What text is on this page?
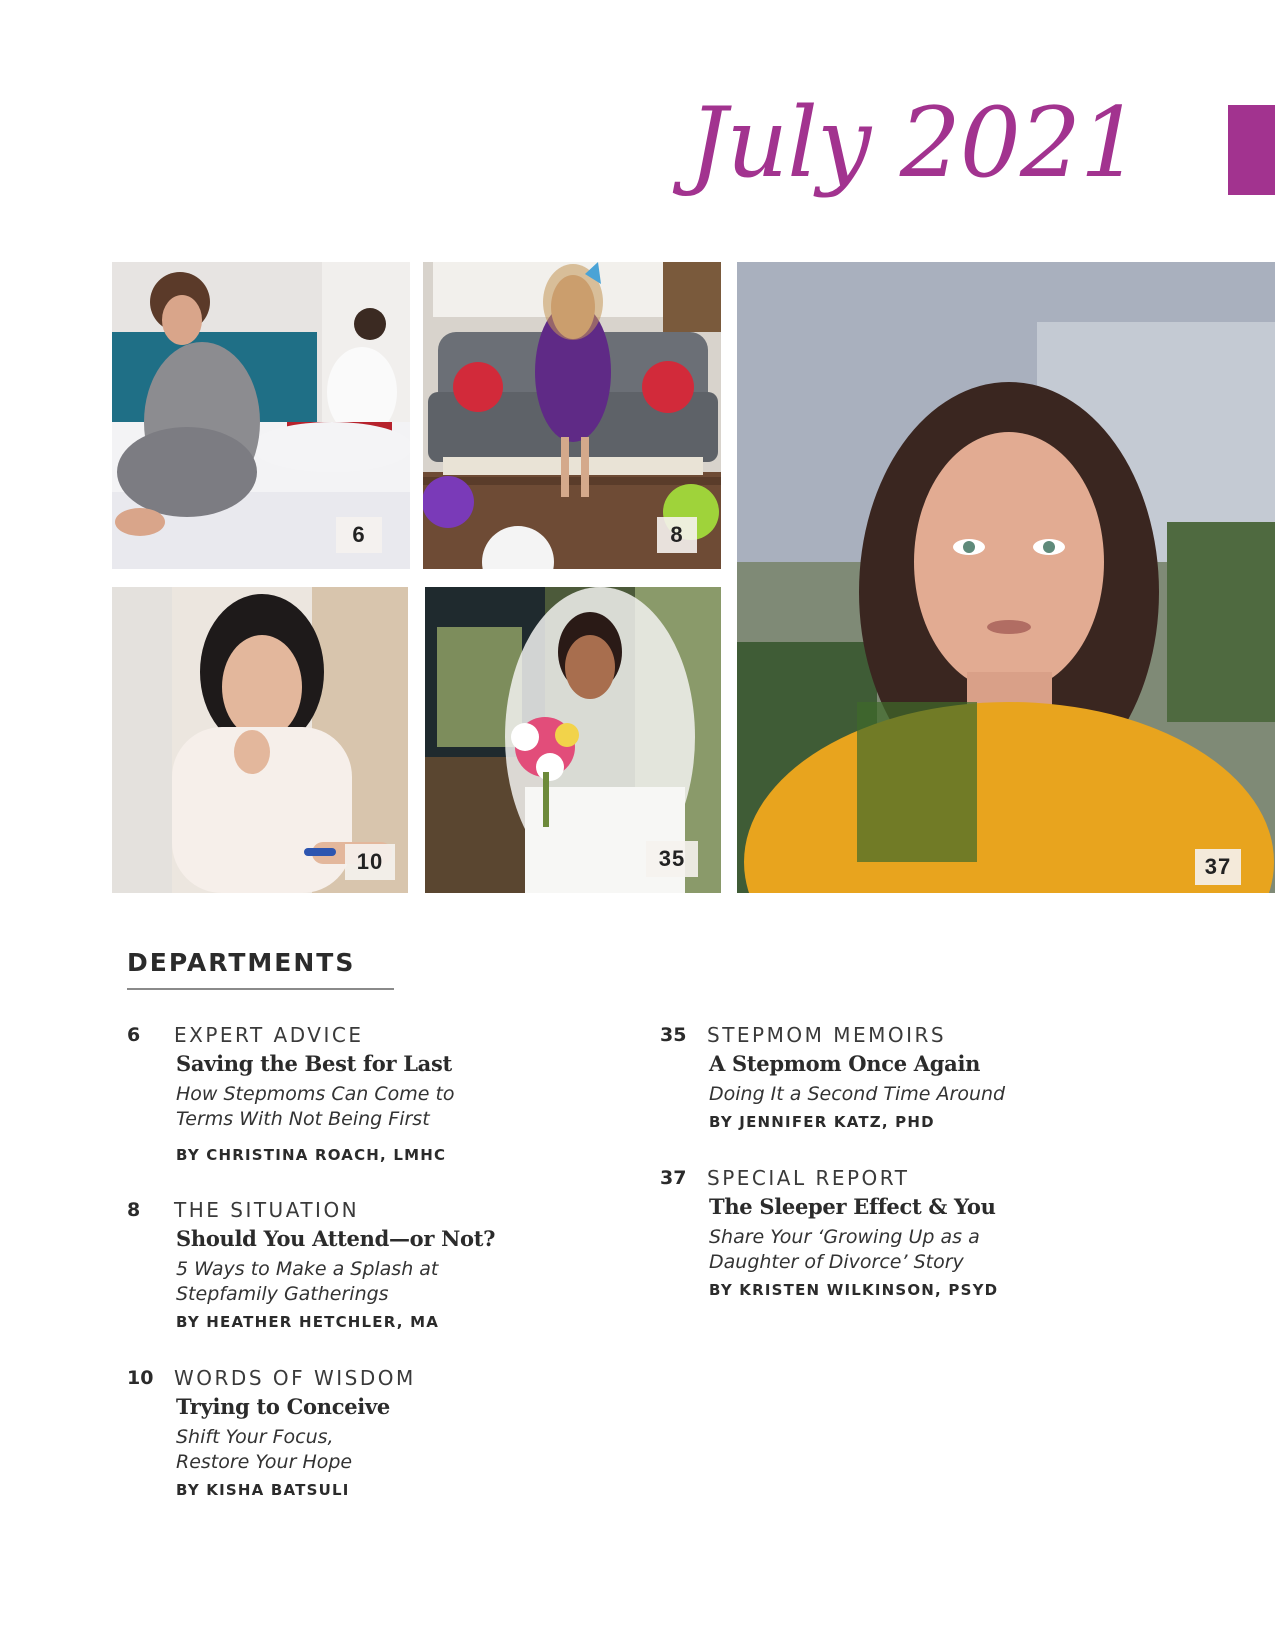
July 2021
6	8
10	35	37
DEPARTMENTS
6 EXPERT ADVICE
Saving the Best for Last
How Stepmoms Can Come to Terms With Not Being First
BY CHRISTINA ROACH, LMHC
8 THE SITUATION
Should You Attend—or Not?
5 Ways to Make a Splash at Stepfamily Gatherings
BY HEATHER HETCHLER, MA
10 WORDS OF WISDOM
Trying to Conceive
Shift Your Focus, Restore Your Hope
BY KISHA BATSULI
35 STEPMOM MEMOIRS
A Stepmom Once Again
Doing It a Second Time Around
BY JENNIFER KATZ, PHD
37 SPECIAL REPORT
The Sleeper Effect & You
Share Your ‘Growing Up as a Daughter of Divorce’ Story
BY KRISTEN WILKINSON, PSYD
